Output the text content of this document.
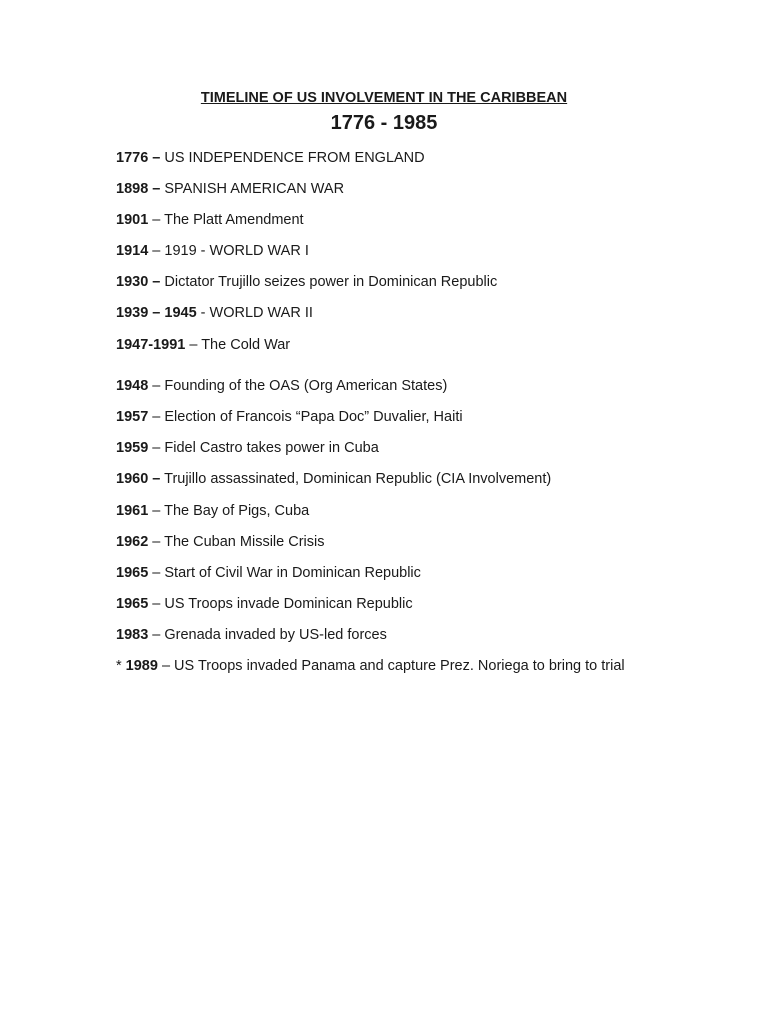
TIMELINE OF US INVOLVEMENT IN THE CARIBBEAN
1776 - 1985
1776 – US INDEPENDENCE FROM ENGLAND
1898 – SPANISH AMERICAN WAR
1901 – The Platt Amendment
1914 – 1919 - WORLD WAR I
1930 – Dictator Trujillo seizes power in Dominican Republic
1939 – 1945 - WORLD WAR II
1947-1991 – The Cold War
1948 – Founding of the OAS (Org American States)
1957 – Election of Francois “Papa Doc” Duvalier, Haiti
1959 – Fidel Castro takes power in Cuba
1960 – Trujillo assassinated, Dominican Republic (CIA Involvement)
1961 – The Bay of Pigs, Cuba
1962 – The Cuban Missile Crisis
1965 – Start of Civil War in Dominican Republic
1965 – US Troops invade Dominican Republic
1983 – Grenada invaded by US-led forces
* 1989 – US Troops invaded Panama and capture Prez. Noriega to bring to trial
